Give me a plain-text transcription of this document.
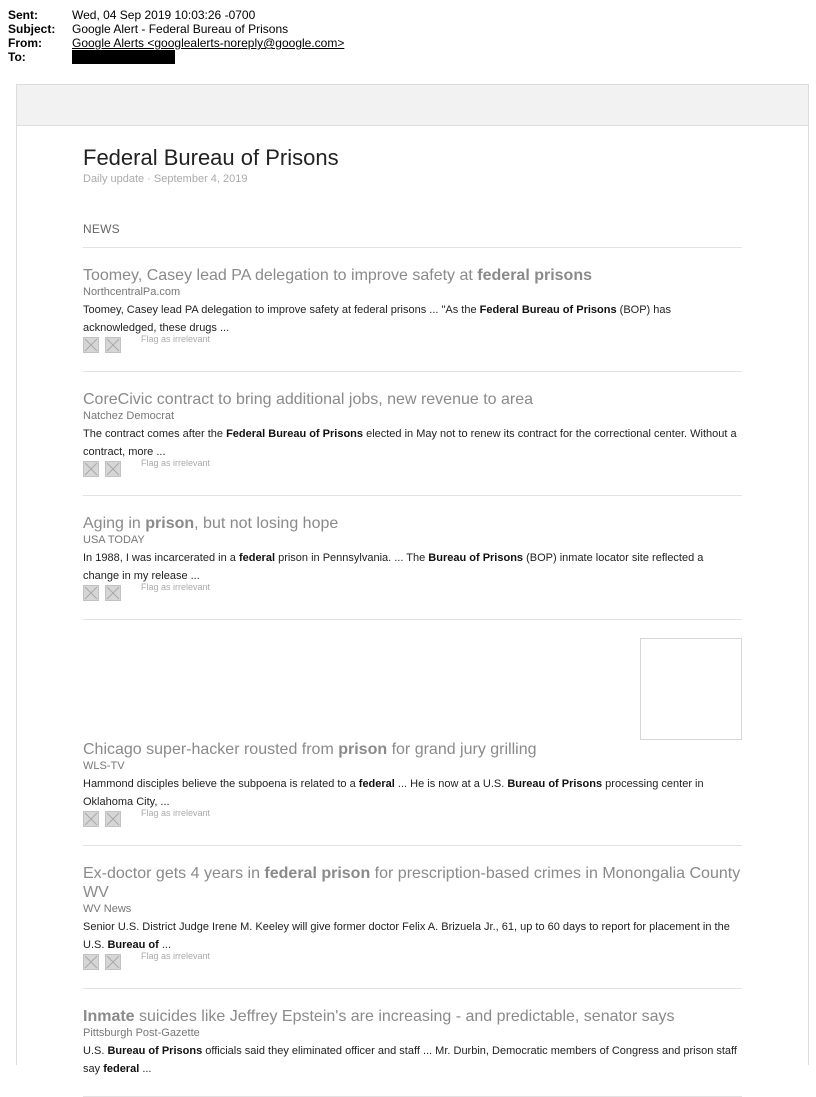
Sent:	Wed, 04 Sep 2019 10:03:26 -0700
Subject:	Google Alert - Federal Bureau of Prisons
From:	Google Alerts <googlealerts-noreply@google.com>
To:
Federal Bureau of Prisons
Daily update · September 4, 2019
NEWS
Toomey, Casey lead PA delegation to improve safety at federal prisons
NorthcentralPa.com
Toomey, Casey lead PA delegation to improve safety at federal prisons ... "As the Federal Bureau of Prisons (BOP) has acknowledged, these drugs ...
Flag as irrelevant
CoreCivic contract to bring additional jobs, new revenue to area
Natchez Democrat
The contract comes after the Federal Bureau of Prisons elected in May not to renew its contract for the correctional center. Without a contract, more ...
Flag as irrelevant
Aging in prison, but not losing hope
USA TODAY
In 1988, I was incarcerated in a federal prison in Pennsylvania. ... The Bureau of Prisons (BOP) inmate locator site reflected a change in my release ...
Flag as irrelevant
Chicago super-hacker rousted from prison for grand jury grilling
WLS-TV
Hammond disciples believe the subpoena is related to a federal ... He is now at a U.S. Bureau of Prisons processing center in Oklahoma City, ...
Flag as irrelevant
Ex-doctor gets 4 years in federal prison for prescription-based crimes in Monongalia County WV
WV News
Senior U.S. District Judge Irene M. Keeley will give former doctor Felix A. Brizuela Jr., 61, up to 60 days to report for placement in the U.S. Bureau of ...
Flag as irrelevant
Inmate suicides like Jeffrey Epstein's are increasing - and predictable, senator says
Pittsburgh Post-Gazette
U.S. Bureau of Prisons officials said they eliminated officer and staff ... Mr. Durbin, Democratic members of Congress and prison staff say federal ...
